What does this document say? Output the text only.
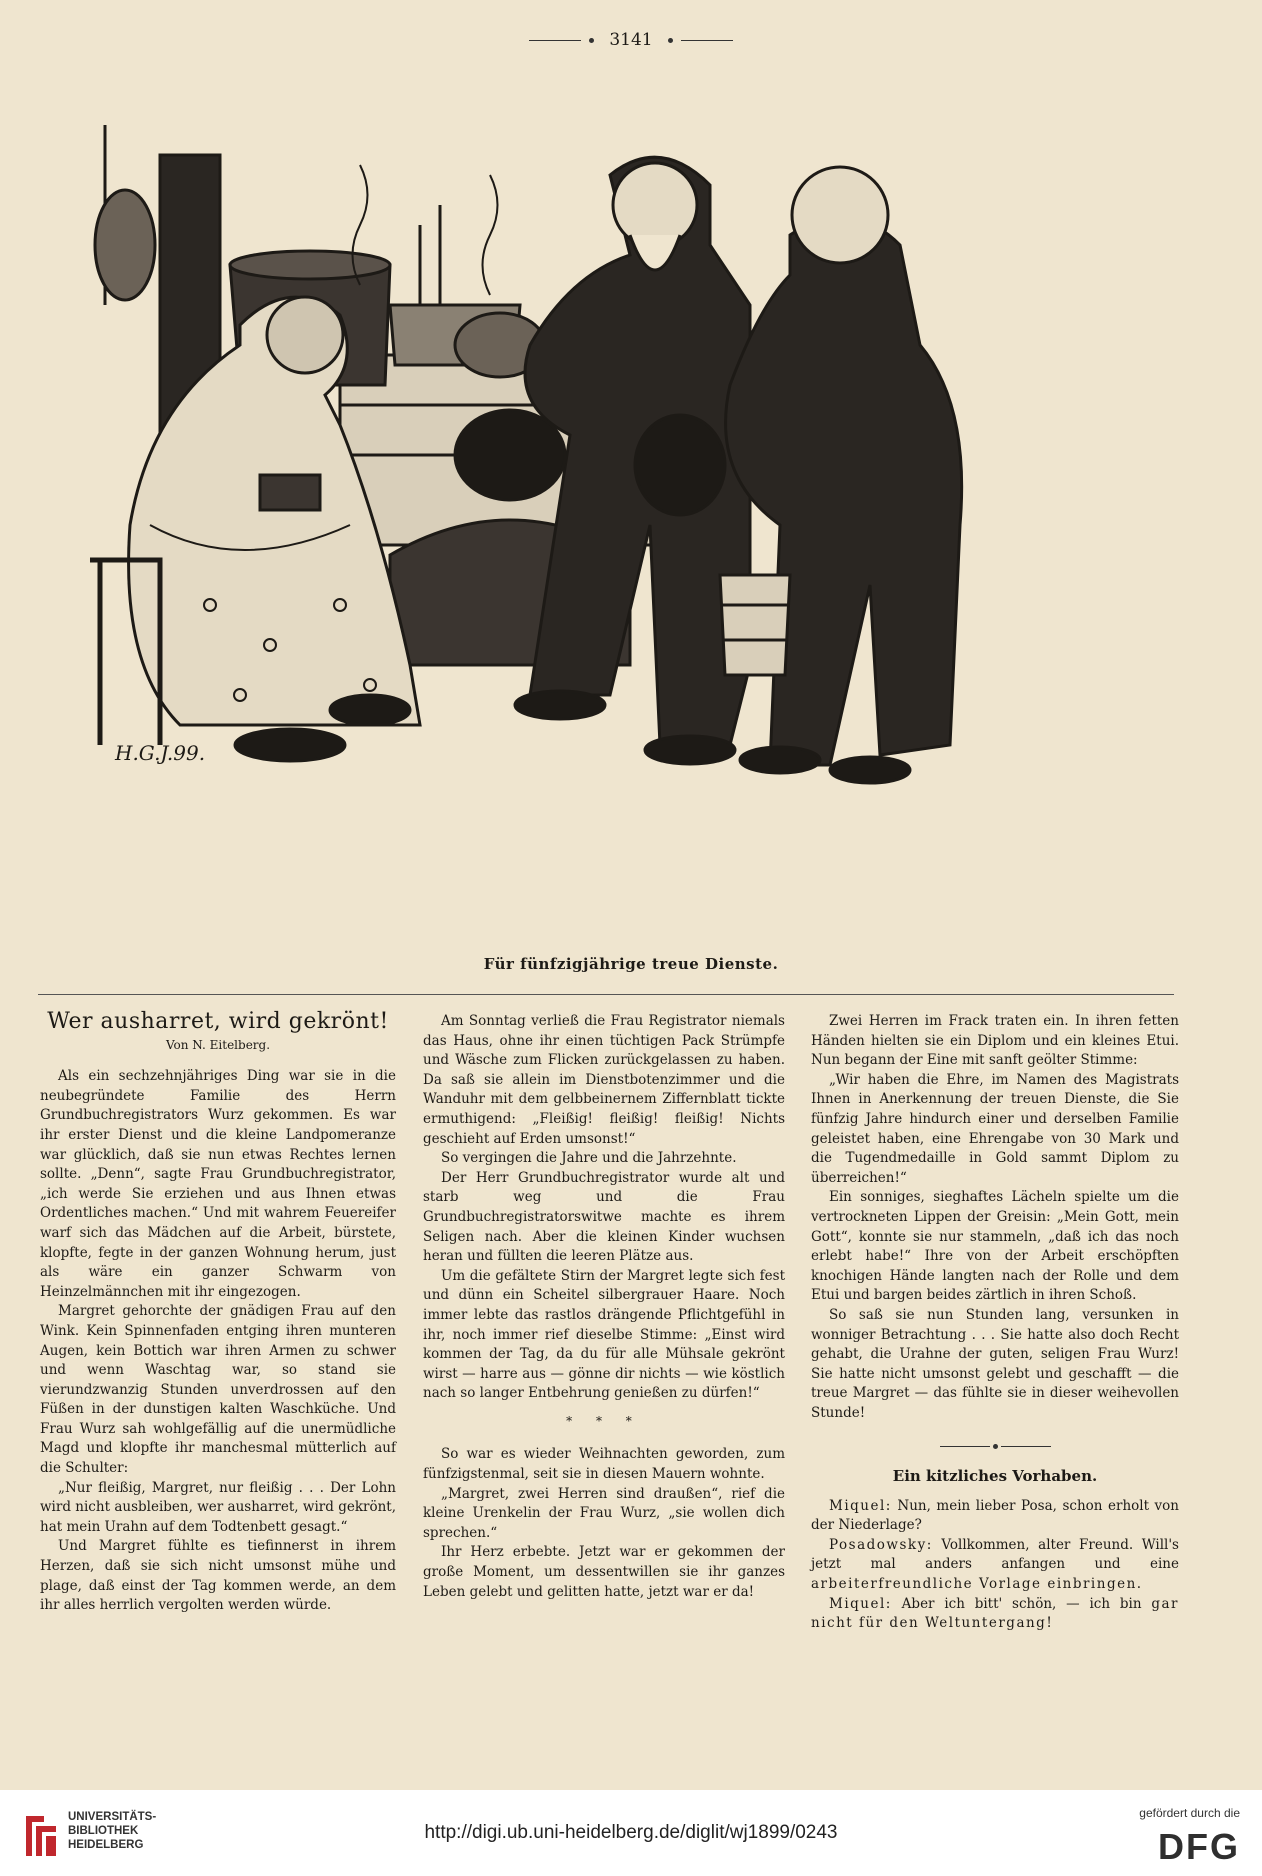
3141
H.G.J.99.
Für fünfzigjährige treue Dienste.

Wer ausharret, wird gekrönt!

Von N. Eitelberg.

Als ein sechzehnjähriges Ding war sie in die neubegründete Familie des Herrn Grundbuchregistrators Wurz gekommen. Es war ihr erster Dienst und die kleine Landpomeranze war glücklich, daß sie nun etwas Rechtes lernen sollte. „Denn“, sagte Frau Grundbuchregistrator, „ich werde Sie erziehen und aus Ihnen etwas Ordentliches machen.“ Und mit wahrem Feuereifer warf sich das Mädchen auf die Arbeit, bürstete, klopfte, fegte in der ganzen Wohnung herum, just als wäre ein ganzer Schwarm von Heinzelmännchen mit ihr eingezogen.

Margret gehorchte der gnädigen Frau auf den Wink. Kein Spinnenfaden entging ihren munteren Augen, kein Bottich war ihren Armen zu schwer und wenn Waschtag war, so stand sie vierundzwanzig Stunden unverdrossen auf den Füßen in der dunstigen kalten Waschküche. Und Frau Wurz sah wohlgefällig auf die unermüdliche Magd und klopfte ihr manchesmal mütterlich auf die Schulter:

„Nur fleißig, Margret, nur fleißig . . . Der Lohn wird nicht ausbleiben, wer ausharret, wird gekrönt, hat mein Urahn auf dem Todtenbett gesagt.“

Und Margret fühlte es tiefinnerst in ihrem Herzen, daß sie sich nicht umsonst mühe und plage, daß einst der Tag kommen werde, an dem ihr alles herrlich vergolten werden würde.

Am Sonntag verließ die Frau Registrator niemals das Haus, ohne ihr einen tüchtigen Pack Strümpfe und Wäsche zum Flicken zurückgelassen zu haben. Da saß sie allein im Dienstbotenzimmer und die Wanduhr mit dem gelbbeinernem Ziffernblatt tickte ermuthigend: „Fleißig! fleißig! fleißig! Nichts geschieht auf Erden umsonst!“

So vergingen die Jahre und die Jahrzehnte.

Der Herr Grundbuchregistrator wurde alt und starb weg und die Frau Grundbuchregistratorswitwe machte es ihrem Seligen nach. Aber die kleinen Kinder wuchsen heran und füllten die leeren Plätze aus.

Um die gefältete Stirn der Margret legte sich fest und dünn ein Scheitel silbergrauer Haare. Noch immer lebte das rastlos drängende Pflichtgefühl in ihr, noch immer rief dieselbe Stimme: „Einst wird kommen der Tag, da du für alle Mühsale gekrönt wirst — harre aus — gönne dir nichts — wie köstlich nach so langer Entbehrung genießen zu dürfen!“

* * *

So war es wieder Weihnachten geworden, zum fünfzigstenmal, seit sie in diesen Mauern wohnte.

„Margret, zwei Herren sind draußen“, rief die kleine Urenkelin der Frau Wurz, „sie wollen dich sprechen.“

Ihr Herz erbebte. Jetzt war er gekommen der große Moment, um dessentwillen sie ihr ganzes Leben gelebt und gelitten hatte, jetzt war er da!

Zwei Herren im Frack traten ein. In ihren fetten Händen hielten sie ein Diplom und ein kleines Etui. Nun begann der Eine mit sanft geölter Stimme:

„Wir haben die Ehre, im Namen des Magistrats Ihnen in Anerkennung der treuen Dienste, die Sie fünfzig Jahre hindurch einer und derselben Familie geleistet haben, eine Ehrengabe von 30 Mark und die Tugendmedaille in Gold sammt Diplom zu überreichen!“

Ein sonniges, sieghaftes Lächeln spielte um die vertrockneten Lippen der Greisin: „Mein Gott, mein Gott“, konnte sie nur stammeln, „daß ich das noch erlebt habe!“ Ihre von der Arbeit erschöpften knochigen Hände langten nach der Rolle und dem Etui und bargen beides zärtlich in ihren Schoß.

So saß sie nun Stunden lang, versunken in wonniger Betrachtung . . . Sie hatte also doch Recht gehabt, die Urahne der guten, seligen Frau Wurz! Sie hatte nicht umsonst gelebt und geschafft — die treue Margret — das fühlte sie in dieser weihevollen Stunde!

Ein kitzliches Vorhaben.

Miquel: Nun, mein lieber Posa, schon erholt von der Niederlage?

Posadowsky: Vollkommen, alter Freund. Will's jetzt mal anders anfangen und eine arbeiterfreundliche Vorlage einbringen.

Miquel: Aber ich bitt' schön, — ich bin gar nicht für den Weltuntergang!

UNIVERSITÄTS-
BIBLIOTHEK
HEIDELBERG
http://digi.ub.uni-heidelberg.de/diglit/wj1899/0243
gefördert durch die
DFG
